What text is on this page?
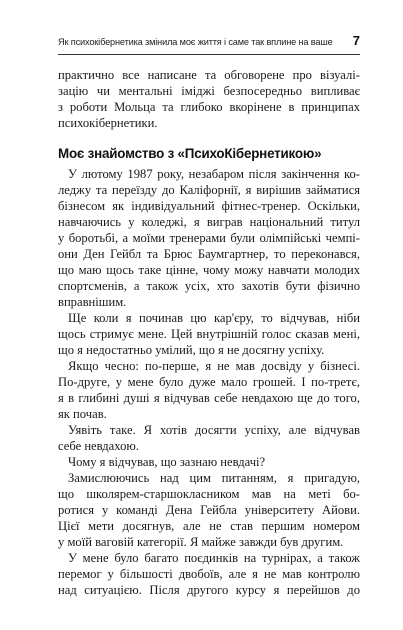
Як психокібернетика змінила моє життя і саме так вплине на ваше 7
практично все написане та обговорене про візуалі-
зацію чи ментальні іміджі безпосередньо випливає
з роботи Мольца та глибоко вкорінене в принципах
психокібернетики.
Моє знайомство з «ПсихоКібернетикою»
У лютому 1987 року, незабаром після закінчення ко-
леджу та переїзду до Каліфорнії, я вирішив займатися
бізнесом як індивідуальний фітнес-тренер. Оскільки,
навчаючись у коледжі, я виграв національний титул
у боротьбі, а моїми тренерами були олімпійські чемпі-
они Ден Гейбл та Брюс Баумгартнер, то переконався,
що маю щось таке цінне, чому можу навчати молодих
спортсменів, а також усіх, хто захотів бути фізично
вправнішим.
Ще коли я починав цю кар'єру, то відчував, ніби
щось стримує мене. Цей внутрішній голос сказав мені,
що я недостатньо умілий, що я не досягну успіху.
Якщо чесно: по-перше, я не мав досвіду у бізнесі.
По-друге, у мене було дуже мало грошей. І по-третє,
я в глибині душі я відчував себе невдахою ще до того,
як почав.
Уявіть таке. Я хотів досягти успіху, але відчував
себе невдахою.
Чому я відчував, що зазнаю невдачі?
Замислюючись над цим питанням, я пригадую,
що школярем-старшокласником мав на меті бо-
ротися у команді Дена Гейбла університету Айови.
Цієї мети досягнув, але не став першим номером
у моїй ваговій категорії. Я майже завжди був другим.
У мене було багато поєдинків на турнірах, а також
перемог у більшості двобоїв, але я не мав контролю
над ситуацією. Після другого курсу я перейшов до
